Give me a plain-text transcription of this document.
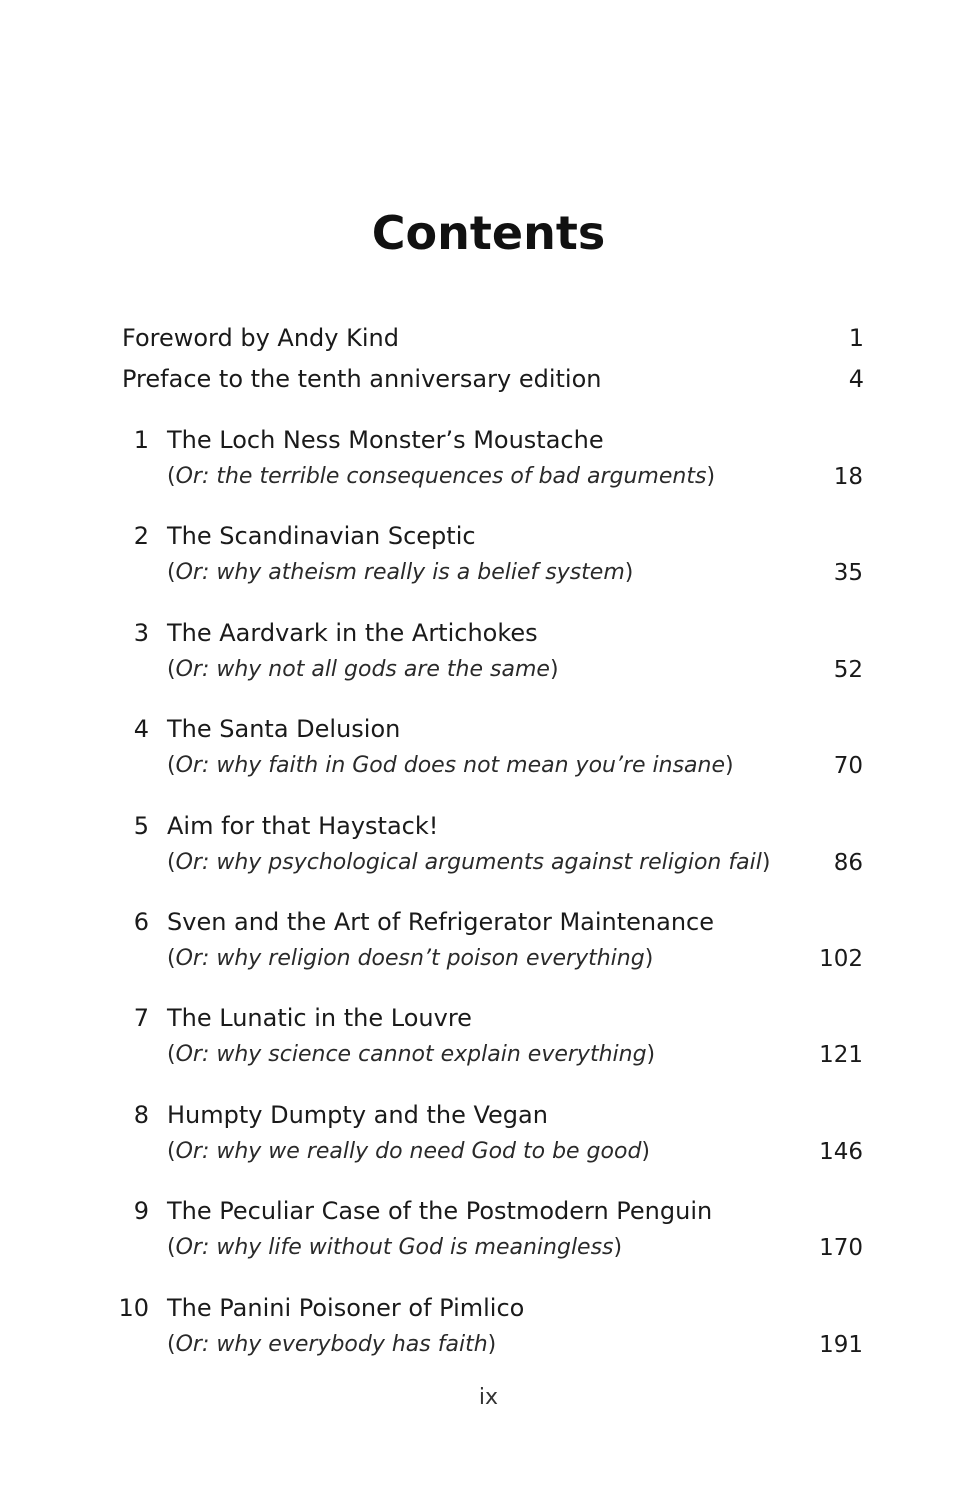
Contents
Foreword by Andy Kind	1
Preface to the tenth anniversary edition	4
1 The Loch Ness Monster’s Moustache
(Or: the terrible consequences of bad arguments)	18
2 The Scandinavian Sceptic
(Or: why atheism really is a belief system)	35
3 The Aardvark in the Artichokes
(Or: why not all gods are the same)	52
4 The Santa Delusion
(Or: why faith in God does not mean you’re insane)	70
5 Aim for that Haystack!
(Or: why psychological arguments against religion fail)	86
6 Sven and the Art of Refrigerator Maintenance
(Or: why religion doesn’t poison everything)	102
7 The Lunatic in the Louvre
(Or: why science cannot explain everything)	121
8 Humpty Dumpty and the Vegan
(Or: why we really do need God to be good)	146
9 The Peculiar Case of the Postmodern Penguin
(Or: why life without God is meaningless)	170
10 The Panini Poisoner of Pimlico
(Or: why everybody has faith)	191
ix
